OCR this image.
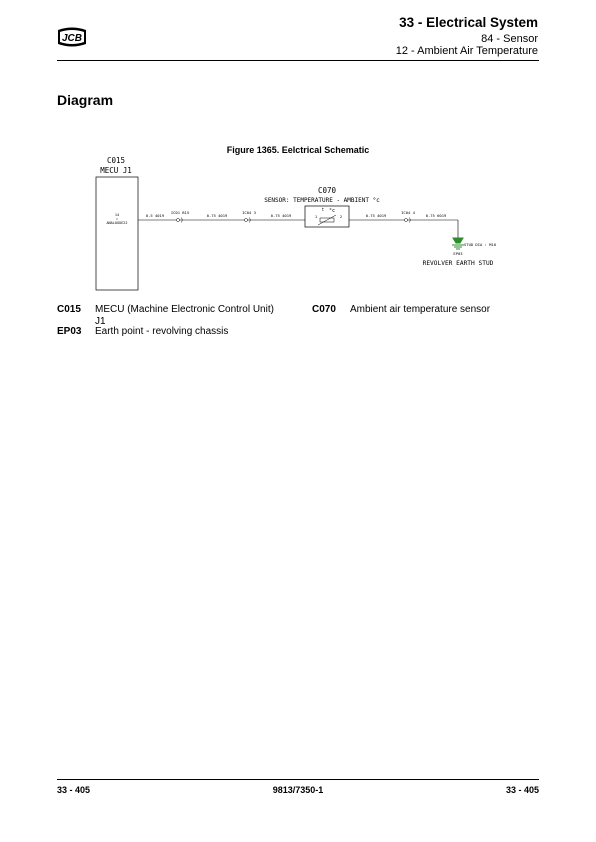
JCB
33 - Electrical System
84 - Sensor
12 - Ambient Air Temperature
Diagram
Figure 1365. Eelctrical Schematic
C015
MECU J1
14
ANALOGUE22
0.5 4019	0.75 4019	0.75 4019	0.75 4019	0.75 6019
IC01 B15	IC04 3
C070
SENSOR: TEMPERATURE - AMBIENT °c
°c
t
1	2
IC04 4
STUD DIA : M10
EP03
REVOLVER EARTH STUD
C015 MECU (Machine Electronic Control Unit)
J1
EP03 Earth point - revolving chassis
C070 Ambient air temperature sensor
33 - 405	9813/7350-1	33 - 405
